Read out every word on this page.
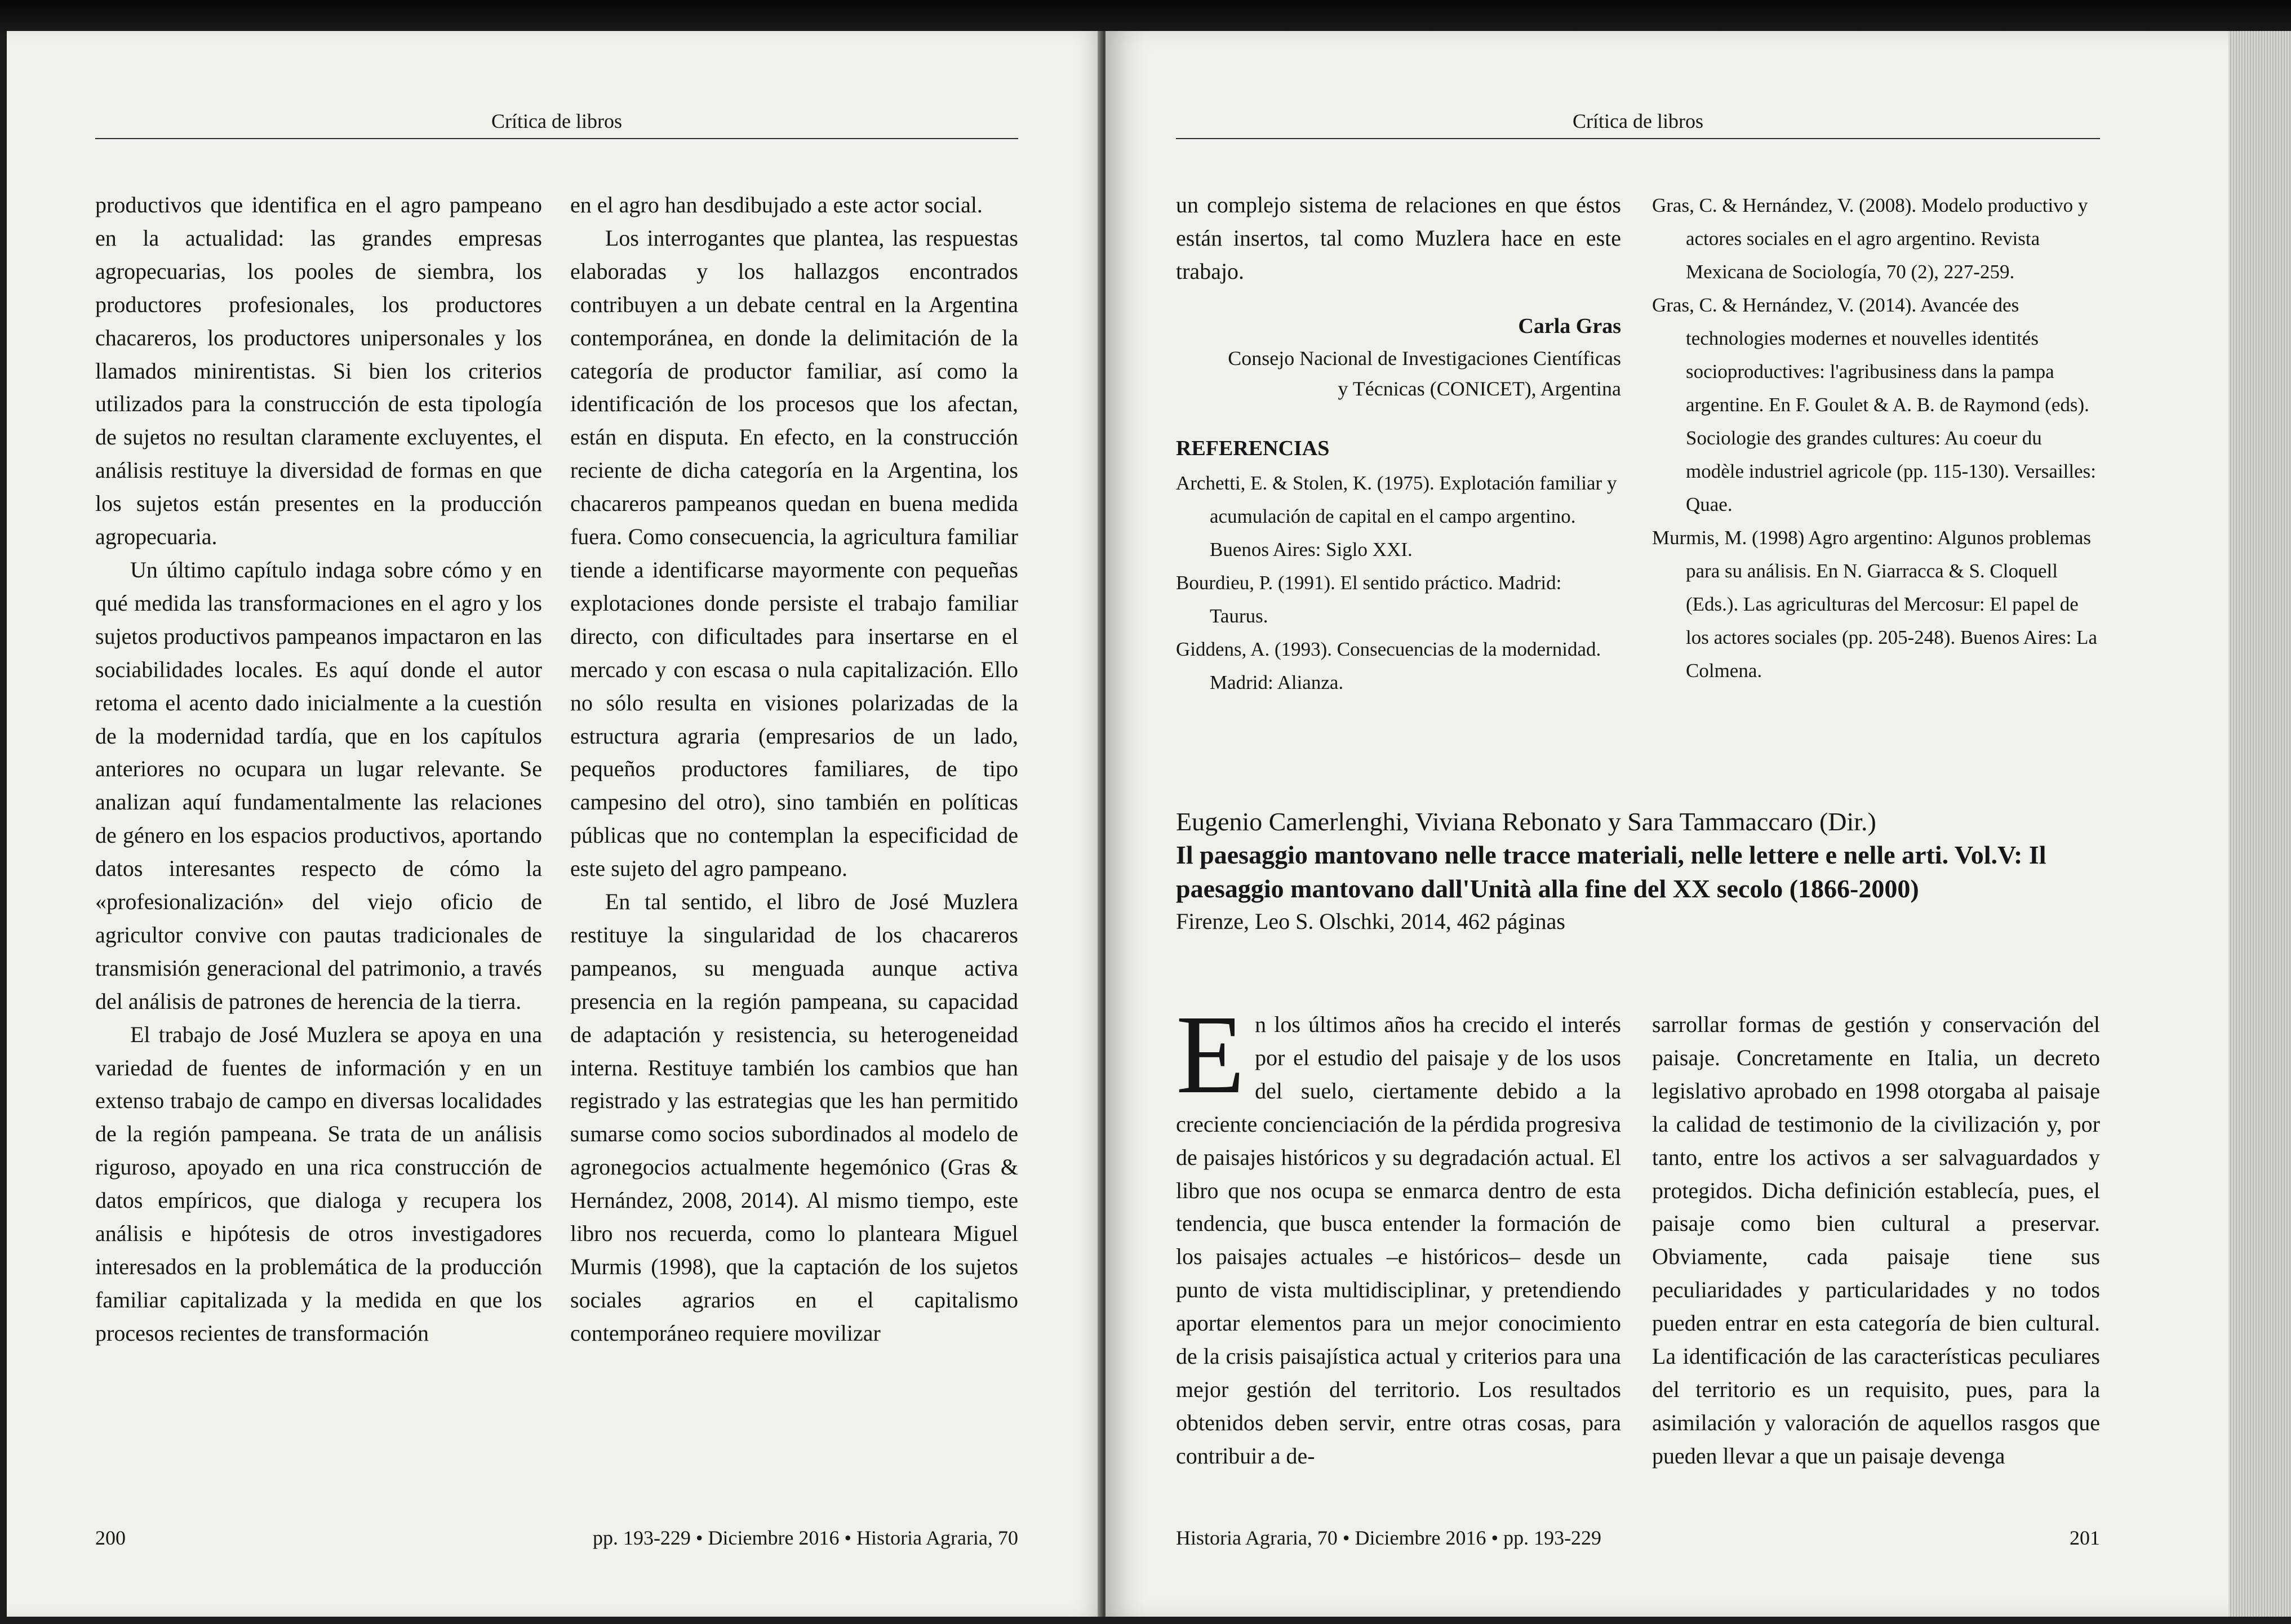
Crítica de libros

productivos que identifica en el agro pampeano en la actualidad: las grandes empresas agropecuarias, los pooles de siembra, los productores profesionales, los productores chacareros, los productores unipersonales y los llamados minirentistas. Si bien los criterios utilizados para la construcción de esta tipología de sujetos no resultan claramente excluyentes, el análisis restituye la diversidad de formas en que los sujetos están presentes en la producción agropecuaria.

Un último capítulo indaga sobre cómo y en qué medida las transformaciones en el agro y los sujetos productivos pampeanos impactaron en las sociabilidades locales. Es aquí donde el autor retoma el acento dado inicialmente a la cuestión de la modernidad tardía, que en los capítulos anteriores no ocupara un lugar relevante. Se analizan aquí fundamentalmente las relaciones de género en los espacios productivos, aportando datos interesantes respecto de cómo la «profesionalización» del viejo oficio de agricultor convive con pautas tradicionales de transmisión generacional del patrimonio, a través del análisis de patrones de herencia de la tierra.

El trabajo de José Muzlera se apoya en una variedad de fuentes de información y en un extenso trabajo de campo en diversas localidades de la región pampeana. Se trata de un análisis riguroso, apoyado en una rica construcción de datos empíricos, que dialoga y recupera los análisis e hipótesis de otros investigadores interesados en la problemática de la producción familiar capitalizada y la medida en que los procesos recientes de transformación

en el agro han desdibujado a este actor social.

Los interrogantes que plantea, las respuestas elaboradas y los hallazgos encontrados contribuyen a un debate central en la Argentina contemporánea, en donde la delimitación de la categoría de productor familiar, así como la identificación de los procesos que los afectan, están en disputa. En efecto, en la construcción reciente de dicha categoría en la Argentina, los chacareros pampeanos quedan en buena medida fuera. Como consecuencia, la agricultura familiar tiende a identificarse mayormente con pequeñas explotaciones donde persiste el trabajo familiar directo, con dificultades para insertarse en el mercado y con escasa o nula capitalización. Ello no sólo resulta en visiones polarizadas de la estructura agraria (empresarios de un lado, pequeños productores familiares, de tipo campesino del otro), sino también en políticas públicas que no contemplan la especificidad de este sujeto del agro pampeano.

En tal sentido, el libro de José Muzlera restituye la singularidad de los chacareros pampeanos, su menguada aunque activa presencia en la región pampeana, su capacidad de adaptación y resistencia, su heterogeneidad interna. Restituye también los cambios que han registrado y las estrategias que les han permitido sumarse como socios subordinados al modelo de agronegocios actualmente hegemónico (Gras & Hernández, 2008, 2014). Al mismo tiempo, este libro nos recuerda, como lo planteara Miguel Murmis (1998), que la captación de los sujetos sociales agrarios en el capitalismo contemporáneo requiere movilizar

200	pp. 193-229 • Diciembre 2016 • Historia Agraria, 70
Crítica de libros

un complejo sistema de relaciones en que éstos están insertos, tal como Muzlera hace en este trabajo.

Carla Gras
Consejo Nacional de Investigaciones Científicas
y Técnicas (CONICET), Argentina
REFERENCIAS
Archetti, E. & Stolen, K. (1975). Explotación familiar y acumulación de capital en el campo argentino. Buenos Aires: Siglo XXI.
Bourdieu, P. (1991). El sentido práctico. Madrid: Taurus.
Giddens, A. (1993). Consecuencias de la modernidad. Madrid: Alianza.
Gras, C. & Hernández, V. (2008). Modelo productivo y actores sociales en el agro argentino. Revista Mexicana de Sociología, 70 (2), 227-259.
Gras, C. & Hernández, V. (2014). Avancée des technologies modernes et nouvelles identités socioproductives: l'agribusiness dans la pampa argentine. En F. Goulet & A. B. de Raymond (eds). Sociologie des grandes cultures: Au coeur du modèle industriel agricole (pp. 115-130). Versailles: Quae.
Murmis, M. (1998) Agro argentino: Algunos problemas para su análisis. En N. Giarracca & S. Cloquell (Eds.). Las agriculturas del Mercosur: El papel de los actores sociales (pp. 205-248). Buenos Aires: La Colmena.
Eugenio Camerlenghi, Viviana Rebonato y Sara Tammaccaro (Dir.)
Il paesaggio mantovano nelle tracce materiali, nelle lettere e nelle arti. Vol.V: Il paesaggio mantovano dall'Unità alla fine del XX secolo (1866-2000)
Firenze, Leo S. Olschki, 2014, 462 páginas
E n los últimos años ha crecido el interés por el estudio del paisaje y de los usos del suelo, ciertamente debido a la creciente concienciación de la pérdida progresiva de paisajes históricos y su degradación actual. El libro que nos ocupa se enmarca dentro de esta tendencia, que busca entender la formación de los paisajes actuales –e históricos– desde un punto de vista multidisciplinar, y pretendiendo aportar elementos para un mejor conocimiento de la crisis paisajística actual y criterios para una mejor gestión del territorio. Los resultados obtenidos deben servir, entre otras cosas, para contribuir a de-
sarrollar formas de gestión y conservación del paisaje. Concretamente en Italia, un decreto legislativo aprobado en 1998 otorgaba al paisaje la calidad de testimonio de la civilización y, por tanto, entre los activos a ser salvaguardados y protegidos. Dicha definición establecía, pues, el paisaje como bien cultural a preservar. Obviamente, cada paisaje tiene sus peculiaridades y particularidades y no todos pueden entrar en esta categoría de bien cultural. La identificación de las características peculiares del territorio es un requisito, pues, para la asimilación y valoración de aquellos rasgos que pueden llevar a que un paisaje devenga
Historia Agraria, 70 • Diciembre 2016 • pp. 193-229	201
